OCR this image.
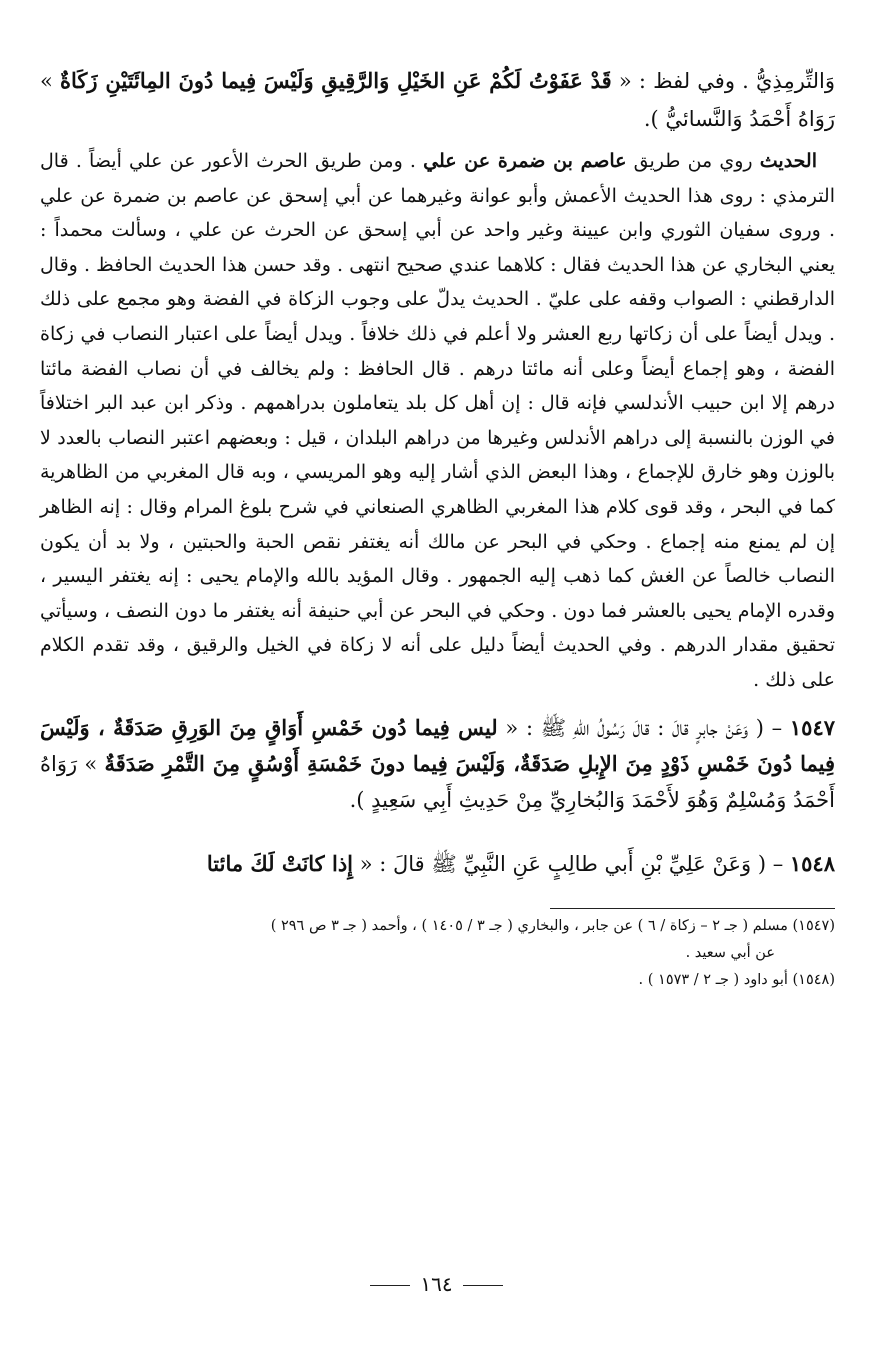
وَالتِّرمِذِيُّ . وفي لفظ : « قَدْ عَفَوْتُ لَكُمْ عَنِ الخَيْلِ وَالرَّقِيقِ وَلَيْسَ فِيما دُونَ المِائَتَيْنِ زَكَاةٌ » رَوَاهُ أَحْمَدُ وَالنَّسائيُّ ).

الحديث روي من طريق عاصم بن ضمرة عن علي . ومن طريق الحرث الأعور عن علي أيضاً . قال الترمذي : روى هذا الحديث الأعمش وأبو عوانة وغيرهما عن أبي إسحق عن عاصم بن ضمرة عن علي . وروى سفيان الثوري وابن عيينة وغير واحد عن أبي إسحق عن الحرث عن علي ، وسألت محمداً : يعني البخاري عن هذا الحديث فقال : كلاهما عندي صحيح انتهى . وقد حسن هذا الحديث الحافظ . وقال الدارقطني : الصواب وقفه على عليّ . الحديث يدلّ على وجوب الزكاة في الفضة وهو مجمع على ذلك . ويدل أيضاً على أن زكاتها ربع العشر ولا أعلم في ذلك خلافاً . ويدل أيضاً على اعتبار النصاب في زكاة الفضة ، وهو إجماع أيضاً وعلى أنه مائتا درهم . قال الحافظ : ولم يخالف في أن نصاب الفضة مائتا درهم إلا ابن حبيب الأندلسي فإنه قال : إن أهل كل بلد يتعاملون بدراهمهم . وذكر ابن عبد البر اختلافاً في الوزن بالنسبة إلى دراهم الأندلس وغيرها من دراهم البلدان ، قيل : وبعضهم اعتبر النصاب بالعدد لا بالوزن وهو خارق للإجماع ، وهذا البعض الذي أشار إليه وهو المريسي ، وبه قال المغربي من الظاهرية كما في البحر ، وقد قوى كلام هذا المغربي الظاهري الصنعاني في شرح بلوغ المرام وقال : إنه الظاهر إن لم يمنع منه إجماع . وحكي في البحر عن مالك أنه يغتفر نقص الحبة والحبتين ، ولا بد أن يكون النصاب خالصاً عن الغش كما ذهب إليه الجمهور . وقال المؤيد بالله والإمام يحيى : إنه يغتفر اليسير ، وقدره الإمام يحيى بالعشر فما دون . وحكي في البحر عن أبي حنيفة أنه يغتفر ما دون النصف ، وسيأتي تحقيق مقدار الدرهم . وفي الحديث أيضاً دليل على أنه لا زكاة في الخيل والرقيق ، وقد تقدم الكلام على ذلك .

١٥٤٧ – ( وَعَنْ جابرٍ قالَ : قالَ رَسُولُ اللهِ ﷺ : « ليس فِيما دُون خَمْسِ أَوَاقٍ مِنَ الوَرِقِ صَدَقَةٌ ، وَلَيْسَ فِيما دُونَ خَمْسِ ذَوْدٍ مِنَ الإِبلِ صَدَقَةٌ، وَلَيْسَ فِيما دونَ خَمْسَةِ أَوْسُقٍ مِنَ التَّمْرِ صَدَقَةٌ » رَوَاهُ أَحْمَدُ وَمُسْلِمٌ وَهُوَ لأَحْمَدَ وَالبُخارِيِّ مِنْ حَدِيثِ أَبِي سَعِيدٍ ).

١٥٤٨ – ( وَعَنْ عَلِيِّ بْنِ أَبي طالِبٍ عَنِ النَّبِيِّ ﷺ قالَ : « إِذا كانَتْ لَكَ مائتا

(١٥٤٧) مسلم ( جـ ٢ – زكاة / ٦ ) عن جابر ، والبخاري ( جـ ٣ / ١٤٠٥ ) ، وأحمد ( جـ ٣ ص ٢٩٦ )
عن أبي سعيد .
(١٥٤٨) أبو داود ( جـ ٢ / ١٥٧٣ ) .
١٦٤
